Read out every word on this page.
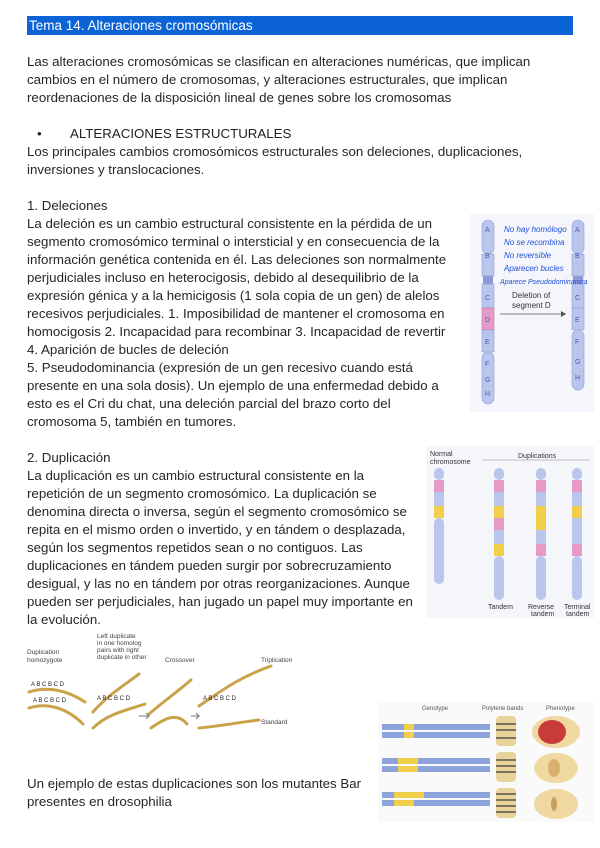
Tema 14. Alteraciones cromosómicas

Las alteraciones cromosómicas se clasifican en alteraciones numéricas, que implican
cambios en el número de cromosomas, y alteraciones estructurales, que implican
reordenaciones de la disposición lineal de genes sobre los cromosomas

• ALTERACIONES ESTRUCTURALES

Los principales cambios cromosómicos estructurales son deleciones, duplicaciones,
inversiones y translocaciones.

1. Deleciones
La deleción es un cambio estructural consistente en la pérdida de un
segmento cromosómico terminal o intersticial y en consecuencia de la
información genética contenida en él. Las deleciones son normalmente
perjudiciales incluso en heterocigosis, debido al desequilibrio de la
expresión génica y a la hemicigosis (1 sola copia de un gen) de alelos
recesivos perjudiciales. 1. Imposibilidad de mantener el cromosoma en
homocigosis 2. Incapacidad para recombinar 3. Incapacidad de revertir
4. Aparición de bucles de deleción
5. Pseudodominancia (expresión de un gen recesivo cuando está
presente en una sola dosis). Un ejemplo de una enfermedad debido a
esto es el Cri du chat, una deleción parcial del brazo corto del
cromosoma 5, también en tumores.

A
B
C
D
E
F
G
H
A
B
C
E
F
G
H
No hay homólogo
No se recombina
No reversible
Aparecen bucles
Aparece Pseudodominancia
Deletion of
segment D

2. Duplicación
La duplicación es un cambio estructural consistente en la
repetición de un segmento cromosómico. La duplicación se
denomina directa o inversa, según el segmento cromosómico se
repita en el mismo orden o invertido, y en tándem o desplazada,
según los segmentos repetidos sean o no contiguos. Las
duplicaciones en tándem pueden surgir por sobrecruzamiento
desigual, y las no en tándem por otras reorganizaciones. Aunque
pueden ser perjudiciales, han jugado un papel muy importante en
la evolución.

Normal
chromosome
Duplications
Tandem Reverse
tandem
Terminal
tandem
Duplication
homozygote
Left duplicate
in one homolog
pairs with right
duplicate in other	Crossover	Triplication
Standard
A B C B C D
A B C B C D	A B C B C D	A B C B C D

Un ejemplo de estas duplicaciones son los mutantes Bar
presentes en drosophilia

Genotype	Polytene bands	Phenotype
